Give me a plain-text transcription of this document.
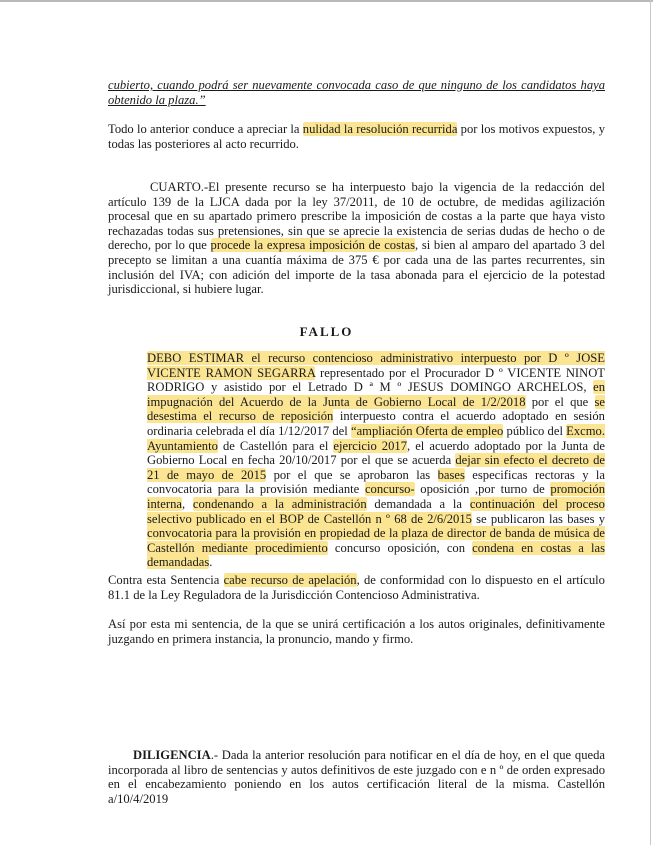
cubierto, cuando podrá ser nuevamente convocada caso de que ninguno de los candidatos haya obtenido la plaza.”

Todo lo anterior conduce a apreciar la nulidad la resolución recurrida por los motivos expuestos, y todas las posteriores al acto recurrido.

CUARTO.-El presente recurso se ha interpuesto bajo la vigencia de la redacción del artículo 139 de la LJCA dada por la ley 37/2011, de 10 de octubre, de medidas agilización procesal que en su apartado primero prescribe la imposición de costas a la parte que haya visto rechazadas todas sus pretensiones, sin que se aprecie la existencia de serias dudas de hecho o de derecho, por lo que procede la expresa imposición de costas, si bien al amparo del apartado 3 del precepto se limitan a una cuantía máxima de 375 € por cada una de las partes recurrentes, sin inclusión del IVA; con adición del importe de la tasa abonada para el ejercicio de la potestad jurisdiccional, si hubiere lugar.

FALLO

DEBO ESTIMAR el recurso contencioso administrativo interpuesto por D º JOSE VICENTE RAMON SEGARRA representado por el Procurador D º VICENTE NINOT RODRIGO y asistido por el Letrado D ª M º JESUS DOMINGO ARCHELOS, en impugnación del Acuerdo de la Junta de Gobierno Local de 1/2/2018 por el que se desestima el recurso de reposición interpuesto contra el acuerdo adoptado en sesión ordinaria celebrada el día 1/12/2017 del “ampliación Oferta de empleo público del Excmo. Ayuntamiento de Castellón para el ejercicio 2017, el acuerdo adoptado por la Junta de Gobierno Local en fecha 20/10/2017 por el que se acuerda dejar sin efecto el decreto de 21 de mayo de 2015 por el que se aprobaron las bases especificas rectoras y la convocatoria para la provisión mediante concurso- oposición ,por turno de promoción interna, condenando a la administración demandada a la continuación del proceso selectivo publicado en el BOP de Castellón n º 68 de 2/6/2015 se publicaron las bases y convocatoria para la provisión en propiedad de la plaza de director de banda de música de Castellón mediante procedimiento concurso oposición, con condena en costas a las demandadas.

Contra esta Sentencia cabe recurso de apelación, de conformidad con lo dispuesto en el artículo 81.1 de la Ley Reguladora de la Jurisdicción Contencioso Administrativa.

Así por esta mi sentencia, de la que se unirá certificación a los autos originales, definitivamente juzgando en primera instancia, la pronuncio, mando y firmo.

DILIGENCIA.- Dada la anterior resolución para notificar en el día de hoy, en el que queda incorporada al libro de sentencias y autos definitivos de este juzgado con e n º de orden expresado en el encabezamiento poniendo en los autos certificación literal de la misma. Castellón a/10/4/2019
